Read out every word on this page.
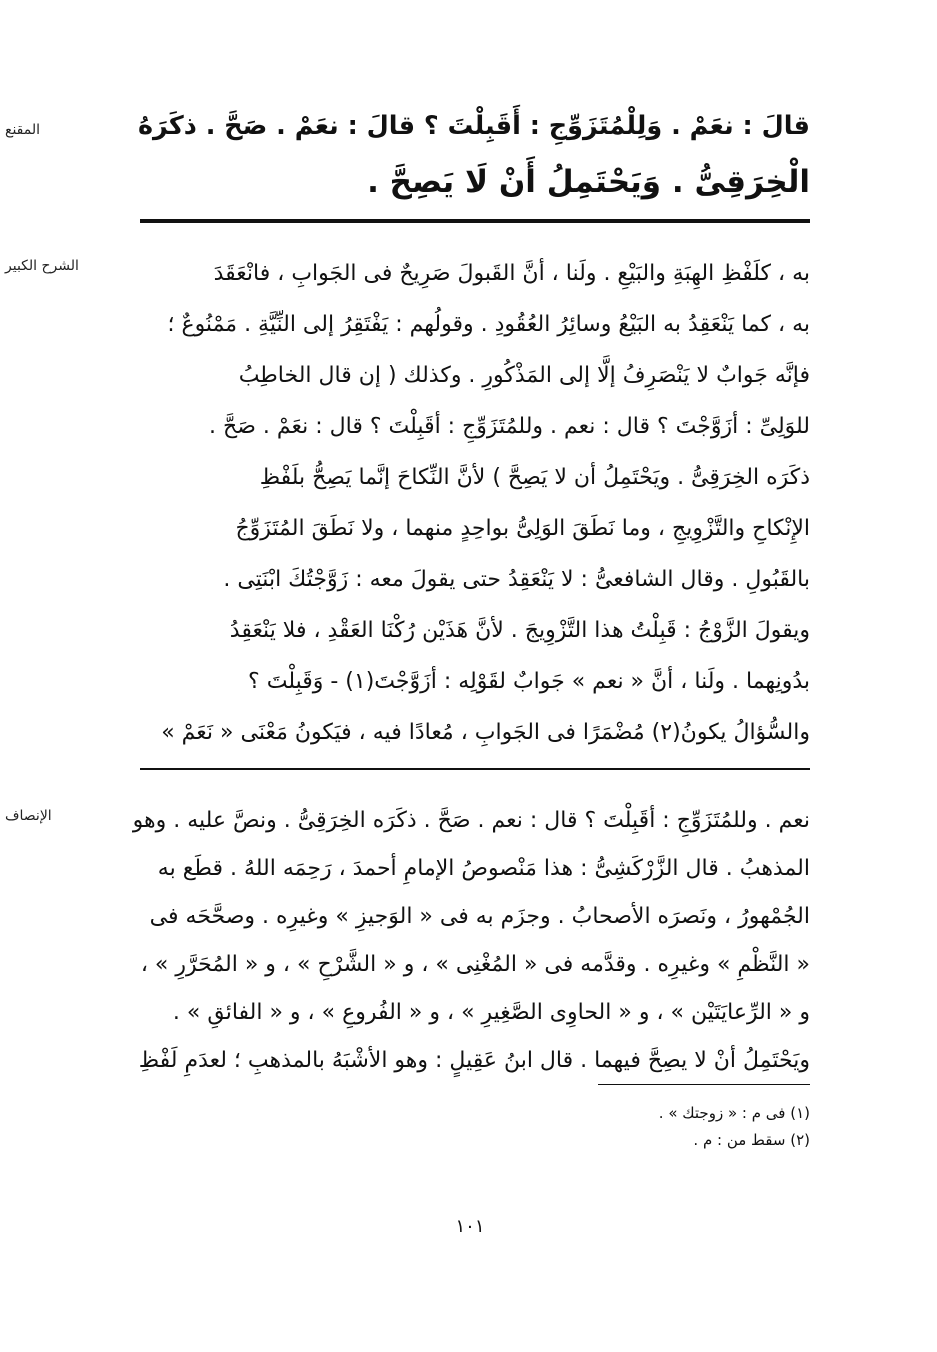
المقنع	قالَ : نعَمْ . وَلِلْمُتَزَوِّجِ : أَقَبِلْتَ ؟ قالَ : نعَمْ . صَحَّ . ذكَرَهُ
الْخِرَقِىُّ . وَيَحْتَمِلُ أَنْ لَا يَصِحَّ .
الشرح الكبير	به ، كلَفْظِ الهِبَةِ والبَيْعِ . ولَنا ، أنَّ القَبولَ صَرِيحٌ فى الجَوابِ ، فانْعَقَدَ
به ، كما يَنْعَقِدُ به البَيْعُ وسائِرُ العُقُودِ . وقولُهم : يَفْتَقِرُ إلى النِّيَّةِ . مَمْنُوعٌ ؛
فإنَّه جَوابٌ لا يَنْصَرِفُ إلَّا إلى المَذْكُورِ . وكذلك ( إن قال الخاطِبُ
للوَلِىِّ : أزَوَّجْتَ ؟ قال : نعم . وللمُتَزَوِّجِ : أقَبِلْتَ ؟ قال : نعَمْ . صَحَّ .
ذكَرَه الخِرَقِىُّ . ويَحْتَمِلُ أن لا يَصِحَّ ) لأنَّ النِّكاحَ إنَّما يَصِحُّ بلَفْظِ
الإِنْكاحِ والتَّزْوِيجِ ، وما نَطَقَ الوَلِىُّ بواحِدٍ منهما ، ولا نَطَقَ المُتَزَوِّجُ
بالقَبُولِ . وقال الشافعىُّ : لا يَنْعَقِدُ حتى يقولَ معه : زَوَّجْتُكَ ابْنَتِى .
ويقولَ الزَّوْجُ : قَبِلْتُ هذا التَّزْوِيجَ . لأنَّ هَذَيْن رُكْنَا العَقْدِ ، فلا يَنْعَقِدُ
بدُونِهما . ولَنا ، أنَّ « نعم » جَوابٌ لقَوْلِه : أزَوَّجْتَ(١) - وَقَبِلْتَ ؟
والسُّؤالُ يكونُ(٢) مُضْمَرًا فى الجَوابِ ، مُعادًا فيه ، فيَكونُ مَعْنَى « نَعَمْ »
الإنصاف	نعم . وللمُتَزَوِّجِ : أقَبِلْتَ ؟ قال : نعم . صَحَّ . ذكَرَه الخِرَقِىُّ . ونصَّ عليه . وهو
المذهبُ . قال الزَّرْكَشِىُّ : هذا مَنْصوصُ الإمامِ أحمدَ ، رَحِمَه اللهُ . قطَع به
الجُمْهورُ ، ونَصرَه الأصحابُ . وجزَم به فى « الوَجيزِ » وغيرِه . وصحَّحَه فى
« النَّظْمِ » وغيرِه . وقدَّمه فى « المُغْنِى » ، و « الشَّرْحِ » ، و « المُحَرَّرِ » ،
و « الرِّعايَتَيْن » ، و « الحاوِى الصَّغِيرِ » ، و « الفُروعِ » ، و « الفائقِ » .
ويَحْتَمِلُ أنْ لا يصِحَّ فيهما . قال ابنُ عَقِيلٍ : وهو الأشْبَهُ بالمذهبِ ؛ لعدَمِ لَفْظِ
(١) فى م : « زوجتك » .
(٢) سقط من : م .
١٠١
